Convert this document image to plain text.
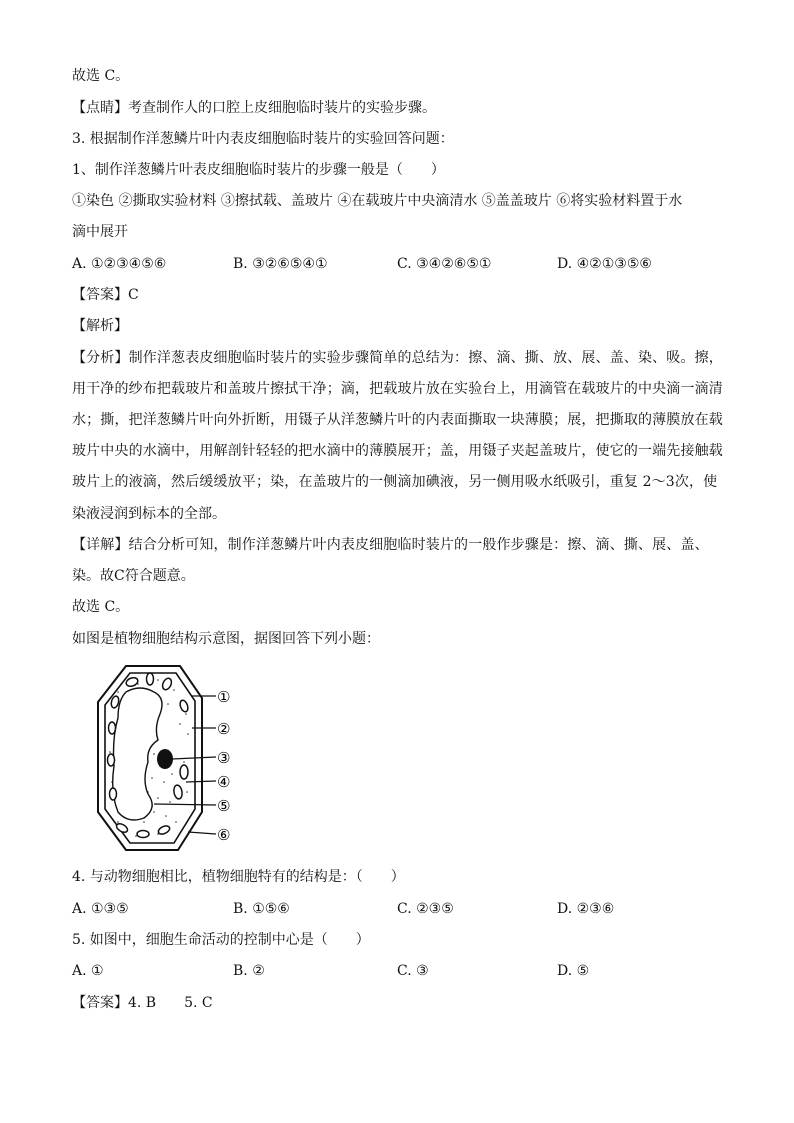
故选 C。
【点睛】考查制作人的口腔上皮细胞临时装片的实验步骤。
3. 根据制作洋葱鳞片叶内表皮细胞临时装片的实验回答问题：
1、制作洋葱鳞片叶表皮细胞临时装片的步骤一般是（　　）
①染色 ②撕取实验材料 ③擦拭载、盖玻片 ④在载玻片中央滴清水 ⑤盖盖玻片 ⑥将实验材料置于水
滴中展开
A. ①②③④⑤⑥	B. ③②⑥⑤④①	C. ③④②⑥⑤①	D. ④②①③⑤⑥
【答案】C
【解析】
【分析】制作洋葱表皮细胞临时装片的实验步骤简单的总结为：擦、滴、撕、放、展、盖、染、吸。擦，
用干净的纱布把载玻片和盖玻片擦拭干净；滴，把载玻片放在实验台上，用滴管在载玻片的中央滴一滴清
水；撕，把洋葱鳞片叶向外折断，用镊子从洋葱鳞片叶的内表面撕取一块薄膜；展，把撕取的薄膜放在载
玻片中央的水滴中，用解剖针轻轻的把水滴中的薄膜展开；盖，用镊子夹起盖玻片，使它的一端先接触载
玻片上的液滴，然后缓缓放平；染，在盖玻片的一侧滴加碘液，另一侧用吸水纸吸引，重复 2～3次，使
染液浸润到标本的全部。
【详解】结合分析可知，制作洋葱鳞片叶内表皮细胞临时装片的一般作步骤是：擦、滴、撕、展、盖、
染。故C符合题意。
故选 C。
如图是植物细胞结构示意图，据图回答下列小题：
①
②
③
④
⑤
⑥
4. 与动物细胞相比，植物细胞特有的结构是：（　　）
A. ①③⑤	B. ①⑤⑥	C. ②③⑤	D. ②③⑥
5. 如图中，细胞生命活动的控制中心是（　　）
A. ①	B. ②	C. ③	D. ⑤
【答案】4. B　　5. C
